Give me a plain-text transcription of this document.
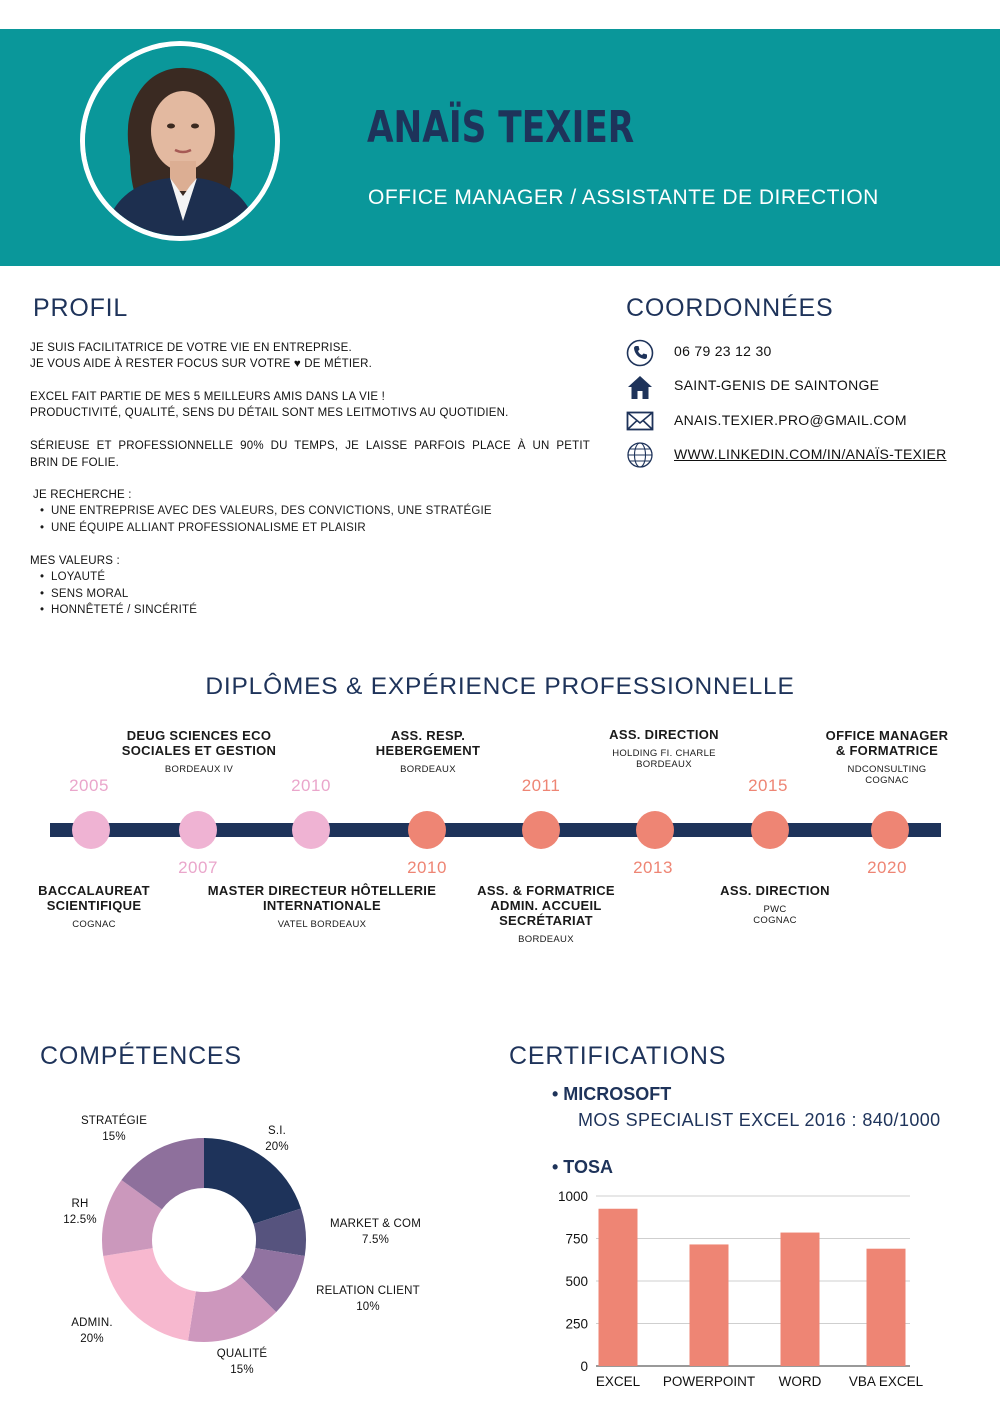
ANAÏS TEXIER
OFFICE MANAGER / ASSISTANTE DE DIRECTION
PROFIL
JE SUIS FACILITATRICE DE VOTRE VIE EN ENTREPRISE.
JE VOUS AIDE À RESTER FOCUS SUR VOTRE ♥ DE MÉTIER.
EXCEL FAIT PARTIE DE MES 5 MEILLEURS AMIS DANS LA VIE !
PRODUCTIVITÉ, QUALITÉ, SENS DU DÉTAIL SONT MES LEITMOTIVS AU QUOTIDIEN.
SÉRIEUSE ET PROFESSIONNELLE 90% DU TEMPS, JE LAISSE PARFOIS PLACE À UN PETIT
BRIN DE FOLIE.
JE RECHERCHE :
•  UNE ENTREPRISE AVEC DES VALEURS, DES CONVICTIONS, UNE STRATÉGIE
•  UNE ÉQUIPE ALLIANT PROFESSIONALISME ET PLAISIR
MES VALEURS :
•  LOYAUTÉ
•  SENS MORAL
•  HONNÊTETÉ / SINCÉRITÉ
COORDONNÉES
06 79 23 12 30
SAINT-GENIS DE SAINTONGE
ANAIS.TEXIER.PRO@GMAIL.COM
WWW.LINKEDIN.COM/IN/ANAÏS-TEXIER
DIPLÔMES & EXPÉRIENCE PROFESSIONNELLE
2005	2010	2011	2015
2007	2010	2013	2020
DEUG SCIENCES ECO
SOCIALES ET GESTION
BORDEAUX IV
ASS. RESP.
HEBERGEMENT
BORDEAUX
ASS. DIRECTION
HOLDING FI. CHARLE
BORDEAUX
OFFICE MANAGER
& FORMATRICE
NDCONSULTING
COGNAC
BACCALAUREAT
SCIENTIFIQUE
COGNAC
MASTER DIRECTEUR HÔTELLERIE
INTERNATIONALE
VATEL BORDEAUX
ASS. & FORMATRICE
ADMIN. ACCUEIL
SECRÉTARIAT
BORDEAUX
ASS. DIRECTION
PWC
COGNAC
COMPÉTENCES
STRATÉGIE
15%	S.I.
20%
MARKET & COM
7.5%
RELATION CLIENT
10%
QUALITÉ
15%
ADMIN.
20%
RH
12.5%
CERTIFICATIONS
• MICROSOFT
MOS SPECIALIST EXCEL 2016 : 840/1000
• TOSA
0
250
500
750
1000
EXCEL POWERPOINT WORD VBA EXCEL
